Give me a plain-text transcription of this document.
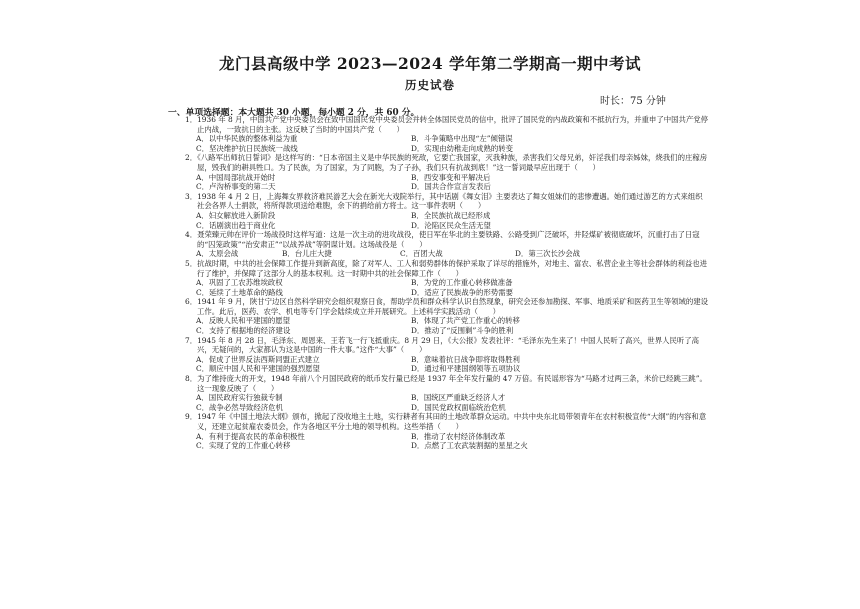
龙门县高级中学 2023—2024 学年第二学期高一期中考试
历史试卷
时长：75 分钟
一、单项选择题：本大题共 30 小题，每小题 2 分，共 60 分。

1．1936 年 8 月，中国共产党中央委员会在致中国国民党中央委员会并转全体国民党员的信中，批评了国民党的内战政策和不抵抗行为，并重申了中国共产党停止内战，一致抗日的主张。这反映了当时的中国共产党（　　）

A．以中华民族的整体利益为重	B．斗争策略中出现“左”倾错误
C．坚决维护抗日民族统一战线	D．实现由幼稚走向成熟的转变

2．《八路军出师抗日誓词》是这样写的：“日本帝国主义是中华民族的死敌，它要亡我国家，灭我种族，杀害我们父母兄弟，奸淫我们母亲姊妹，烧我们的庄稼房屋，毁我们的耕具牲口。为了民族，为了国家，为了同胞，为了子孙，我们只有抗战到底！”这一誓词最早应出现于（　　）

A．中国局部抗战开始时	B．西安事变和平解决后
C．卢沟桥事变的第二天	D．国共合作宣言发表后

3．1938 年 4 月 2 日，上海舞女界救济难民游艺大会在新光大戏院举行，其中话剧《舞女泪》主要表达了舞女姐妹们的悲惨遭遇。她们通过游艺的方式来组织社会各界人士捐款，将所得款项送给难胞，余下的捐给前方将士。这一事件表明（　　）

A．妇女解放进入新阶段	B．全民族抗战已经形成
C．话剧演出趋于商业化	D．沦陷区民众生活无望

4．聂荣臻元帅在评价一场战役时这样写道：这是一次主动的进攻战役，使日军在华北的主要铁路、公路受到广泛破坏，井陉煤矿被彻底破坏，沉重打击了日寇的“囚笼政策”“治安肃正”“以战养战”等阴谋计划。这场战役是（　　）

A．太原会战	B．台儿庄大捷	C．百团大战	D．第三次长沙会战

5．抗战时期，中共的社会保障工作提升到新高度，除了对军人、工人和弱势群体的保护采取了详尽的措施外，对地主、富农、私营企业主等社会群体的利益也进行了维护，并保障了这部分人的基本权利。这一时期中共的社会保障工作（　　）

A．巩固了工农苏维埃政权	B．为党的工作重心转移做准备
C．延续了土地革命的路线	D．适应了民族战争的形势需要

6．1941 年 9 月，陕甘宁边区自然科学研究会组织观察日食，帮助学员和群众科学认识自然现象，研究会还参加勘探、军事、地质采矿和医药卫生等领域的建设工作。此后，医药、农学、机电等专门学会陆续成立并开展研究。上述科学实践活动（　　）

A．反映人民和平建国的愿望	B．体现了共产党工作重心的转移
C．支持了根据地的经济建设	D．推动了“反围剿”斗争的胜利

7．1945 年 8 月 28 日，毛泽东、周恩来、王若飞一行飞抵重庆。8 月 29 日，《大公报》发表社评：“毛泽东先生来了！中国人民听了高兴，世界人民听了高兴，无疑问的，大家都认为这是中国的一件大事。”这件“大事”（　　）

A．促成了世界反法西斯同盟正式建立	B．意味着抗日战争即将取得胜利
C．顺应中国人民和平建国的强烈愿望	D．通过和平建国纲领等五项协议

8．为了维持庞大的开支，1948 年前八个月国民政府的纸币发行量已经是 1937 年全年发行量的 47 万倍。有民谣形容为“马路才过两三条，米价已经跳三跳”。这一现象反映了（　　）

A．国民政府实行独裁专制	B．国统区严重缺乏经济人才
C．战争必然导致经济危机	D．国民党政权面临统治危机

9．1947 年《中国土地法大纲》颁布，掀起了没收地主土地，实行耕者有其田的土地改革群众运动。中共中央东北局带领青年在农村积极宣传“大纲”的内容和意义，还建立起贫雇农委员会，作为各地区平分土地的领导机构。这些举措（　　）

A．有利于提高农民的革命积极性	B．推动了农村经济体制改革
C．实现了党的工作重心转移	D．点燃了工农武装割据的星星之火
